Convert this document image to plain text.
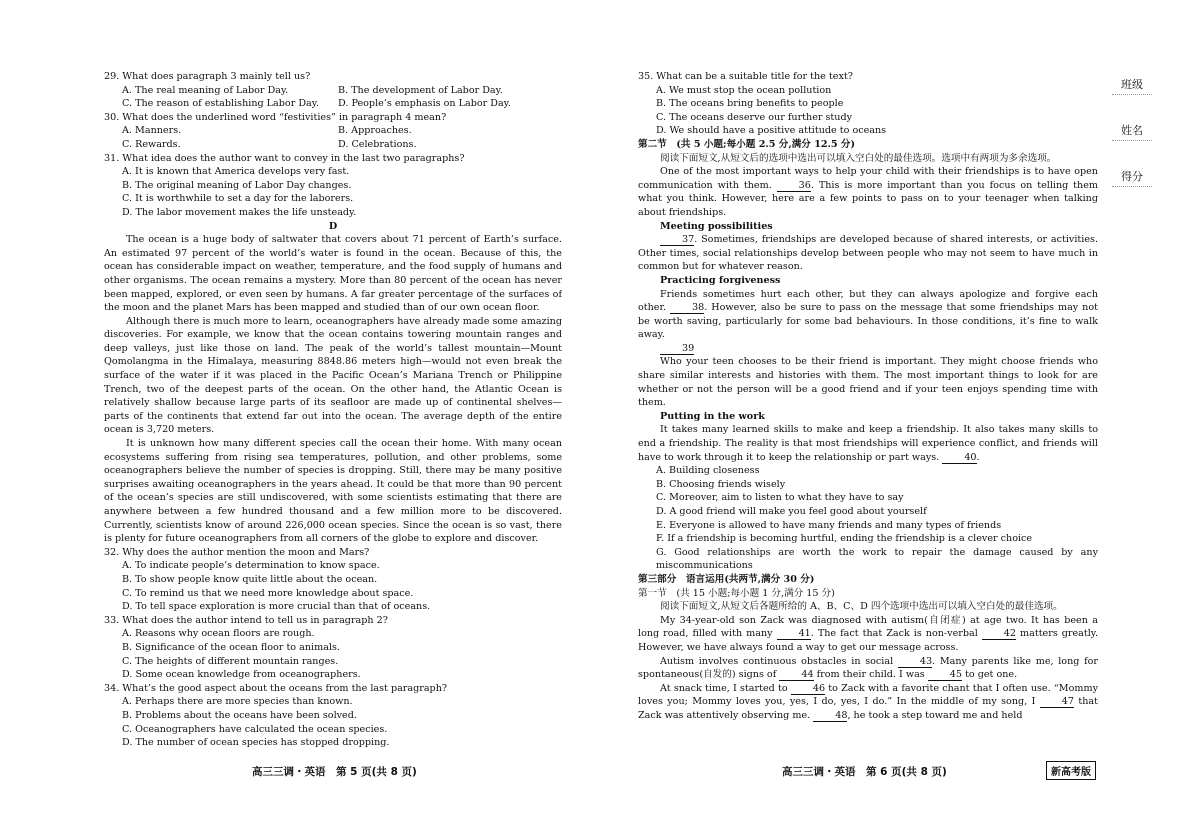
29. What does paragraph 3 mainly tell us?

A. The real meaning of Labor Day.	B. The development of Labor Day.
C. The reason of establishing Labor Day.	D. People’s emphasis on Labor Day.

30. What does the underlined word “festivities” in paragraph 4 mean?

A. Manners.	B. Approaches.
C. Rewards.	D. Celebrations.

31. What idea does the author want to convey in the last two paragraphs?

A. It is known that America develops very fast.
B. The original meaning of Labor Day changes.
C. It is worthwhile to set a day for the laborers.
D. The labor movement makes the life unsteady.

D

The ocean is a huge body of saltwater that covers about 71 percent of Earth’s surface. An estimated 97 percent of the world’s water is found in the ocean. Because of this, the ocean has considerable impact on weather, temperature, and the food supply of humans and other organisms. The ocean remains a mystery. More than 80 percent of the ocean has never been mapped, explored, or even seen by humans. A far greater percentage of the surfaces of the moon and the planet Mars has been mapped and studied than of our own ocean floor.

Although there is much more to learn, oceanographers have already made some amazing discoveries. For example, we know that the ocean contains towering mountain ranges and deep valleys, just like those on land. The peak of the world’s tallest mountain—Mount Qomolangma in the Himalaya, measuring 8848.86 meters high—would not even break the surface of the water if it was placed in the Pacific Ocean’s Mariana Trench or Philippine Trench, two of the deepest parts of the ocean. On the other hand, the Atlantic Ocean is relatively shallow because large parts of its seafloor are made up of continental shelves—parts of the continents that extend far out into the ocean. The average depth of the entire ocean is 3,720 meters.

It is unknown how many different species call the ocean their home. With many ocean ecosystems suffering from rising sea temperatures, pollution, and other problems, some oceanographers believe the number of species is dropping. Still, there may be many positive surprises awaiting oceanographers in the years ahead. It could be that more than 90 percent of the ocean’s species are still undiscovered, with some scientists estimating that there are anywhere between a few hundred thousand and a few million more to be discovered. Currently, scientists know of around 226,000 ocean species. Since the ocean is so vast, there is plenty for future oceanographers from all corners of the globe to explore and discover.

32. Why does the author mention the moon and Mars?

A. To indicate people’s determination to know space.
B. To show people know quite little about the ocean.
C. To remind us that we need more knowledge about space.
D. To tell space exploration is more crucial than that of oceans.

33. What does the author intend to tell us in paragraph 2?

A. Reasons why ocean floors are rough.
B. Significance of the ocean floor to animals.
C. The heights of different mountain ranges.
D. Some ocean knowledge from oceanographers.

34. What’s the good aspect about the oceans from the last paragraph?

A. Perhaps there are more species than known.
B. Problems about the oceans have been solved.
C. Oceanographers have calculated the ocean species.
D. The number of ocean species has stopped dropping.
高三三调・英语　第 5 页(共 8 页)

35. What can be a suitable title for the text?

A. We must stop the ocean pollution
B. The oceans bring benefits to people
C. The oceans deserve our further study
D. We should have a positive attitude to oceans

第二节　(共 5 小题;每小题 2.5 分,满分 12.5 分)

阅读下面短文,从短文后的选项中选出可以填入空白处的最佳选项。选项中有两项为多余选项。

One of the most important ways to help your child with their friendships is to have open communication with them.	36. This is more important than you focus on telling them what you think. However, here are a few points to pass on to your teenager when talking about friendships.

Meeting possibilities

37. Sometimes, friendships are developed because of shared interests, or activities. Other times, social relationships develop between people who may not seem to have much in common but for whatever reason.

Practicing forgiveness

Friends sometimes hurt each other, but they can always apologize and forgive each other.	38. However, also be sure to pass on the message that some friendships may not be worth saving, particularly for some bad behaviours. In those conditions, it’s fine to walk away.

39

Who your teen chooses to be their friend is important. They might choose friends who share similar interests and histories with them. The most important things to look for are whether or not the person will be a good friend and if your teen enjoys spending time with them.

Putting in the work

It takes many learned skills to make and keep a friendship. It also takes many skills to end a friendship. The reality is that most friendships will experience conflict, and friends will have to work through it to keep the relationship or part ways.	40.

A. Building closeness
B. Choosing friends wisely
C. Moreover, aim to listen to what they have to say
D. A good friend will make you feel good about yourself
E. Everyone is allowed to have many friends and many types of friends
F. If a friendship is becoming hurtful, ending the friendship is a clever choice
G. Good relationships are worth the work to repair the damage caused by any miscommunications

第三部分　语言运用(共两节,满分 30 分)

第一节　(共 15 小题;每小题 1 分,满分 15 分)

阅读下面短文,从短文后各题所给的 A、B、C、D 四个选项中选出可以填入空白处的最佳选项。

My 34-year-old son Zack was diagnosed with autism(自闭症) at age two. It has been a long road, filled with many	41. The fact that Zack is non-verbal	42 matters greatly. However, we have always found a way to get our message across.

Autism involves continuous obstacles in social	43. Many parents like me, long for spontaneous(自发的) signs of	44 from their child. I was	45 to get one.

At snack time, I started to	46 to Zack with a favorite chant that I often use. “Mommy loves you; Mommy loves you, yes, I do, yes, I do.” In the middle of my song, I	47 that Zack was attentively observing me.	48, he took a step toward me and held

高三三调・英语　第 6 页(共 8 页)	新高考版
班级
姓名
得分
